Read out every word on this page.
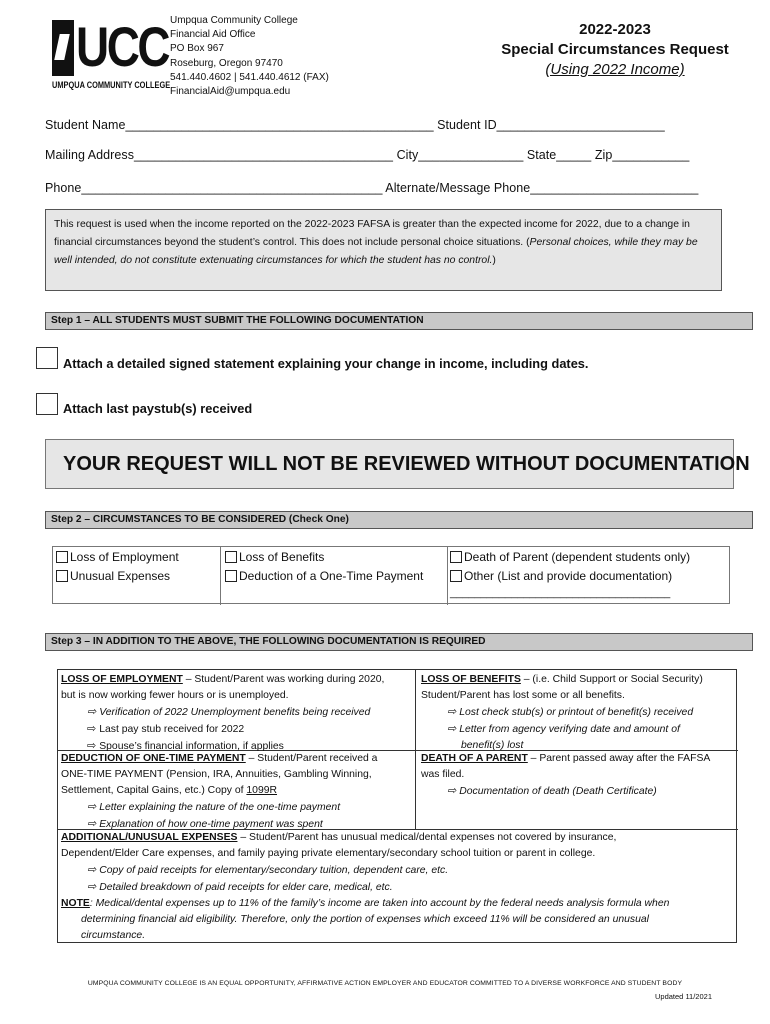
UCC
UMPQUA COMMUNITY COLLEGE
Umpqua Community College
Financial Aid Office
PO Box 967
Roseburg, Oregon 97470
541.440.4602 | 541.440.4612 (FAX)
FinancialAid@umpqua.edu
2022-2023
Special Circumstances Request
(Using 2022 Income)
Student Name____________________________________________ Student ID________________________
Mailing Address_____________________________________ City_______________ State_____ Zip___________
Phone___________________________________________ Alternate/Message Phone________________________
This request is used when the income reported on the 2022-2023 FAFSA is greater than the expected income for 2022, due to a change in financial circumstances beyond the student’s control. This does not include personal choice situations. (Personal choices, while they may be well intended, do not constitute extenuating circumstances for which the student has no control.)
Step 1 – ALL STUDENTS MUST SUBMIT THE FOLLOWING DOCUMENTATION
Attach a detailed signed statement explaining your change in income, including dates.
Attach last paystub(s) received
YOUR REQUEST WILL NOT BE REVIEWED WITHOUT DOCUMENTATION
Step 2 – CIRCUMSTANCES TO BE CONSIDERED (Check One)
Loss of Employment
Unusual Expenses
Loss of Benefits
Deduction of a One-Time Payment
Death of Parent (dependent students only)
Other (List and provide documentation)
____________________________________
Step 3 – IN ADDITION TO THE ABOVE, THE FOLLOWING DOCUMENTATION IS REQUIRED
LOSS OF EMPLOYMENT – Student/Parent was working during 2020,
but is now working fewer hours or is unemployed.
⇨ Verification of 2022 Unemployment benefits being received
⇨ Last pay stub received for 2022
⇨ Spouse’s financial information, if applies
LOSS OF BENEFITS – (i.e. Child Support or Social Security)
Student/Parent has lost some or all benefits.
⇨ Lost check stub(s) or printout of benefit(s) received
⇨ Letter from agency verifying date and amount of
benefit(s) lost
DEDUCTION OF ONE-TIME PAYMENT – Student/Parent received a
ONE-TIME PAYMENT (Pension, IRA, Annuities, Gambling Winning,
Settlement, Capital Gains, etc.) Copy of 1099R
⇨ Letter explaining the nature of the one-time payment
⇨ Explanation of how one-time payment was spent
DEATH OF A PARENT – Parent passed away after the FAFSA
was filed.
⇨ Documentation of death (Death Certificate)
ADDITIONAL/UNUSUAL EXPENSES – Student/Parent has unusual medical/dental expenses not covered by insurance,
Dependent/Elder Care expenses, and family paying private elementary/secondary school tuition or parent in college.
⇨ Copy of paid receipts for elementary/secondary tuition, dependent care, etc.
⇨ Detailed breakdown of paid receipts for elder care, medical, etc.
NOTE: Medical/dental expenses up to 11% of the family’s income are taken into account by the federal needs analysis formula when
determining financial aid eligibility. Therefore, only the portion of expenses which exceed 11% will be considered an unusual
circumstance.
UMPQUA COMMUNITY COLLEGE IS AN EQUAL OPPORTUNITY, AFFIRMATIVE ACTION EMPLOYER AND EDUCATOR COMMITTED TO A DIVERSE WORKFORCE AND STUDENT BODY
Updated 11/2021
